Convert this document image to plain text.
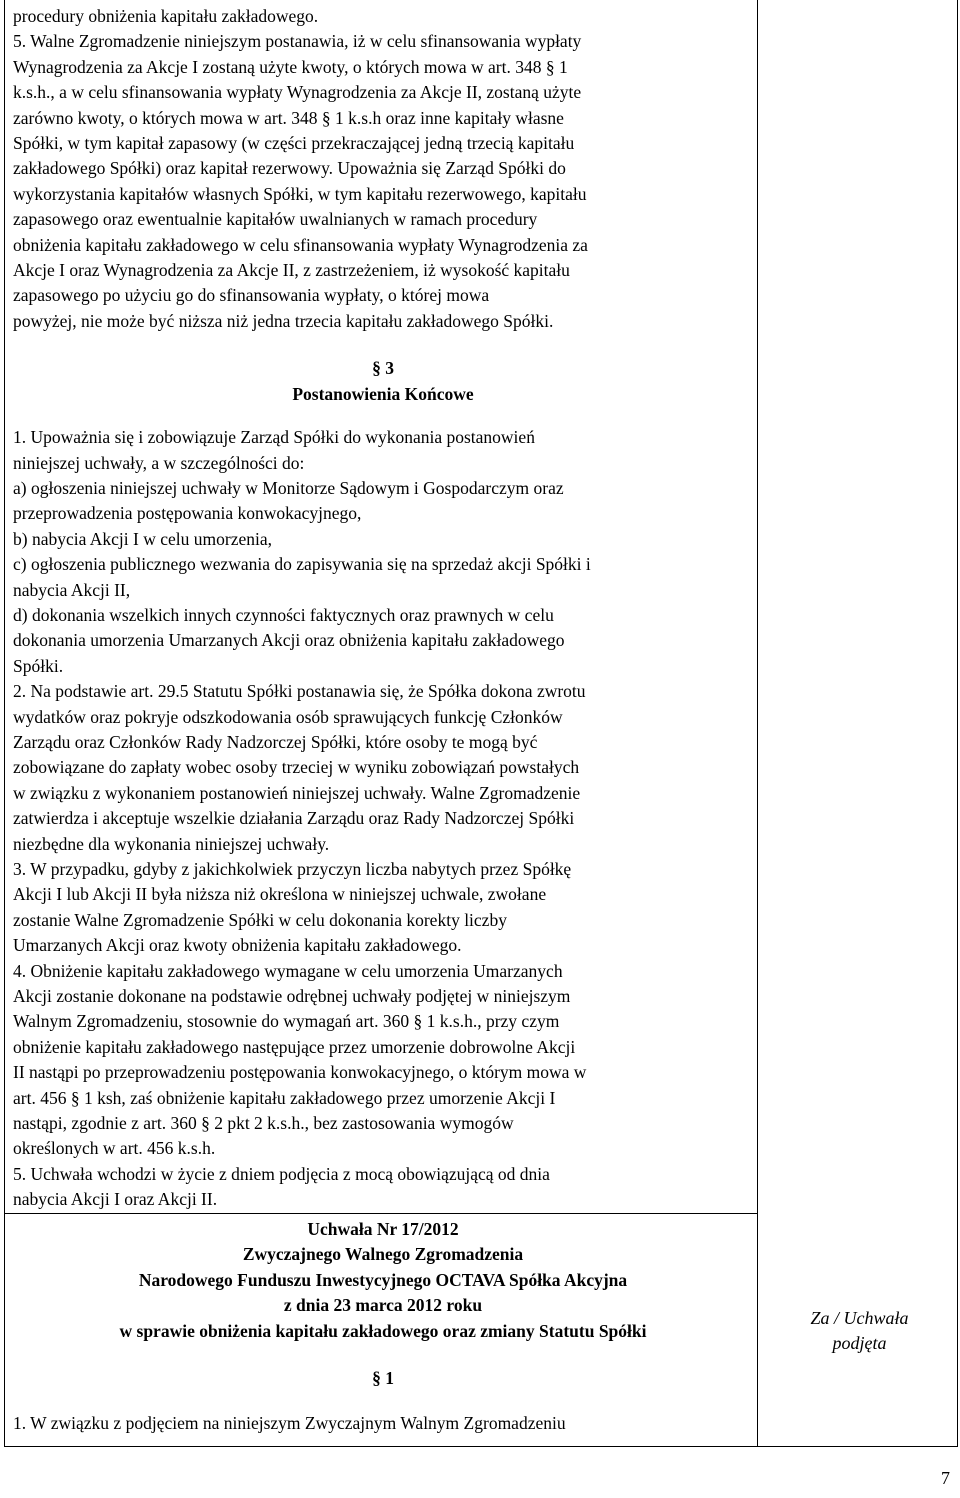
procedury obniżenia kapitału zakładowego.

5. Walne Zgromadzenie niniejszym postanawia, iż w celu sfinansowania wypłaty

Wynagrodzenia za Akcje I zostaną użyte kwoty, o których mowa w art. 348 § 1

k.s.h., a w celu sfinansowania wypłaty Wynagrodzenia za Akcje II, zostaną użyte

zarówno kwoty, o których mowa w art. 348 § 1 k.s.h oraz inne kapitały własne

Spółki, w tym kapitał zapasowy (w części przekraczającej jedną trzecią kapitału

zakładowego Spółki) oraz kapitał rezerwowy. Upoważnia się Zarząd Spółki do

wykorzystania kapitałów własnych Spółki, w tym kapitału rezerwowego, kapitału

zapasowego oraz ewentualnie kapitałów uwalnianych w ramach procedury

obniżenia kapitału zakładowego w celu sfinansowania wypłaty Wynagrodzenia za

Akcje I oraz Wynagrodzenia za Akcje II, z zastrzeżeniem, iż wysokość kapitału

zapasowego po użyciu go do sfinansowania wypłaty, o której mowa

powyżej, nie może być niższa niż jedna trzecia kapitału zakładowego Spółki.

§ 3

Postanowienia Końcowe

1. Upoważnia się i zobowiązuje Zarząd Spółki do wykonania postanowień

niniejszej uchwały, a w szczególności do:

a) ogłoszenia niniejszej uchwały w Monitorze Sądowym i Gospodarczym oraz

przeprowadzenia postępowania konwokacyjnego,

b) nabycia Akcji I w celu umorzenia,

c) ogłoszenia publicznego wezwania do zapisywania się na sprzedaż akcji Spółki i

nabycia Akcji II,

d) dokonania wszelkich innych czynności faktycznych oraz prawnych w celu

dokonania umorzenia Umarzanych Akcji oraz obniżenia kapitału zakładowego

Spółki.

2. Na podstawie art. 29.5 Statutu Spółki postanawia się, że Spółka dokona zwrotu

wydatków oraz pokryje odszkodowania osób sprawujących funkcję Członków

Zarządu oraz Członków Rady Nadzorczej Spółki, które osoby te mogą być

zobowiązane do zapłaty wobec osoby trzeciej w wyniku zobowiązań powstałych

w związku z wykonaniem postanowień niniejszej uchwały. Walne Zgromadzenie

zatwierdza i akceptuje wszelkie działania Zarządu oraz Rady Nadzorczej Spółki

niezbędne dla wykonania niniejszej uchwały.

3. W przypadku, gdyby z jakichkolwiek przyczyn liczba nabytych przez Spółkę

Akcji I lub Akcji II była niższa niż określona w niniejszej uchwale, zwołane

zostanie Walne Zgromadzenie Spółki w celu dokonania korekty liczby

Umarzanych Akcji oraz kwoty obniżenia kapitału zakładowego.

4. Obniżenie kapitału zakładowego wymagane w celu umorzenia Umarzanych

Akcji zostanie dokonane na podstawie odrębnej uchwały podjętej w niniejszym

Walnym Zgromadzeniu, stosownie do wymagań art. 360 § 1 k.s.h., przy czym

obniżenie kapitału zakładowego następujące przez umorzenie dobrowolne Akcji

II nastąpi po przeprowadzeniu postępowania konwokacyjnego, o którym mowa w

art. 456 § 1 ksh, zaś obniżenie kapitału zakładowego przez umorzenie Akcji I

nastąpi, zgodnie z art. 360 § 2 pkt 2 k.s.h., bez zastosowania wymogów

określonych w art. 456 k.s.h.

5. Uchwała wchodzi w życie z dniem podjęcia z mocą obowiązującą od dnia

nabycia Akcji I oraz Akcji II.

Uchwała Nr 17/2012

Zwyczajnego Walnego Zgromadzenia

Narodowego Funduszu Inwestycyjnego OCTAVA Spółka Akcyjna

z dnia 23 marca 2012 roku

w sprawie obniżenia kapitału zakładowego oraz zmiany Statutu Spółki

§ 1

1. W związku z podjęciem na niniejszym Zwyczajnym Walnym Zgromadzeniu

Za / Uchwała
podjęta
7
